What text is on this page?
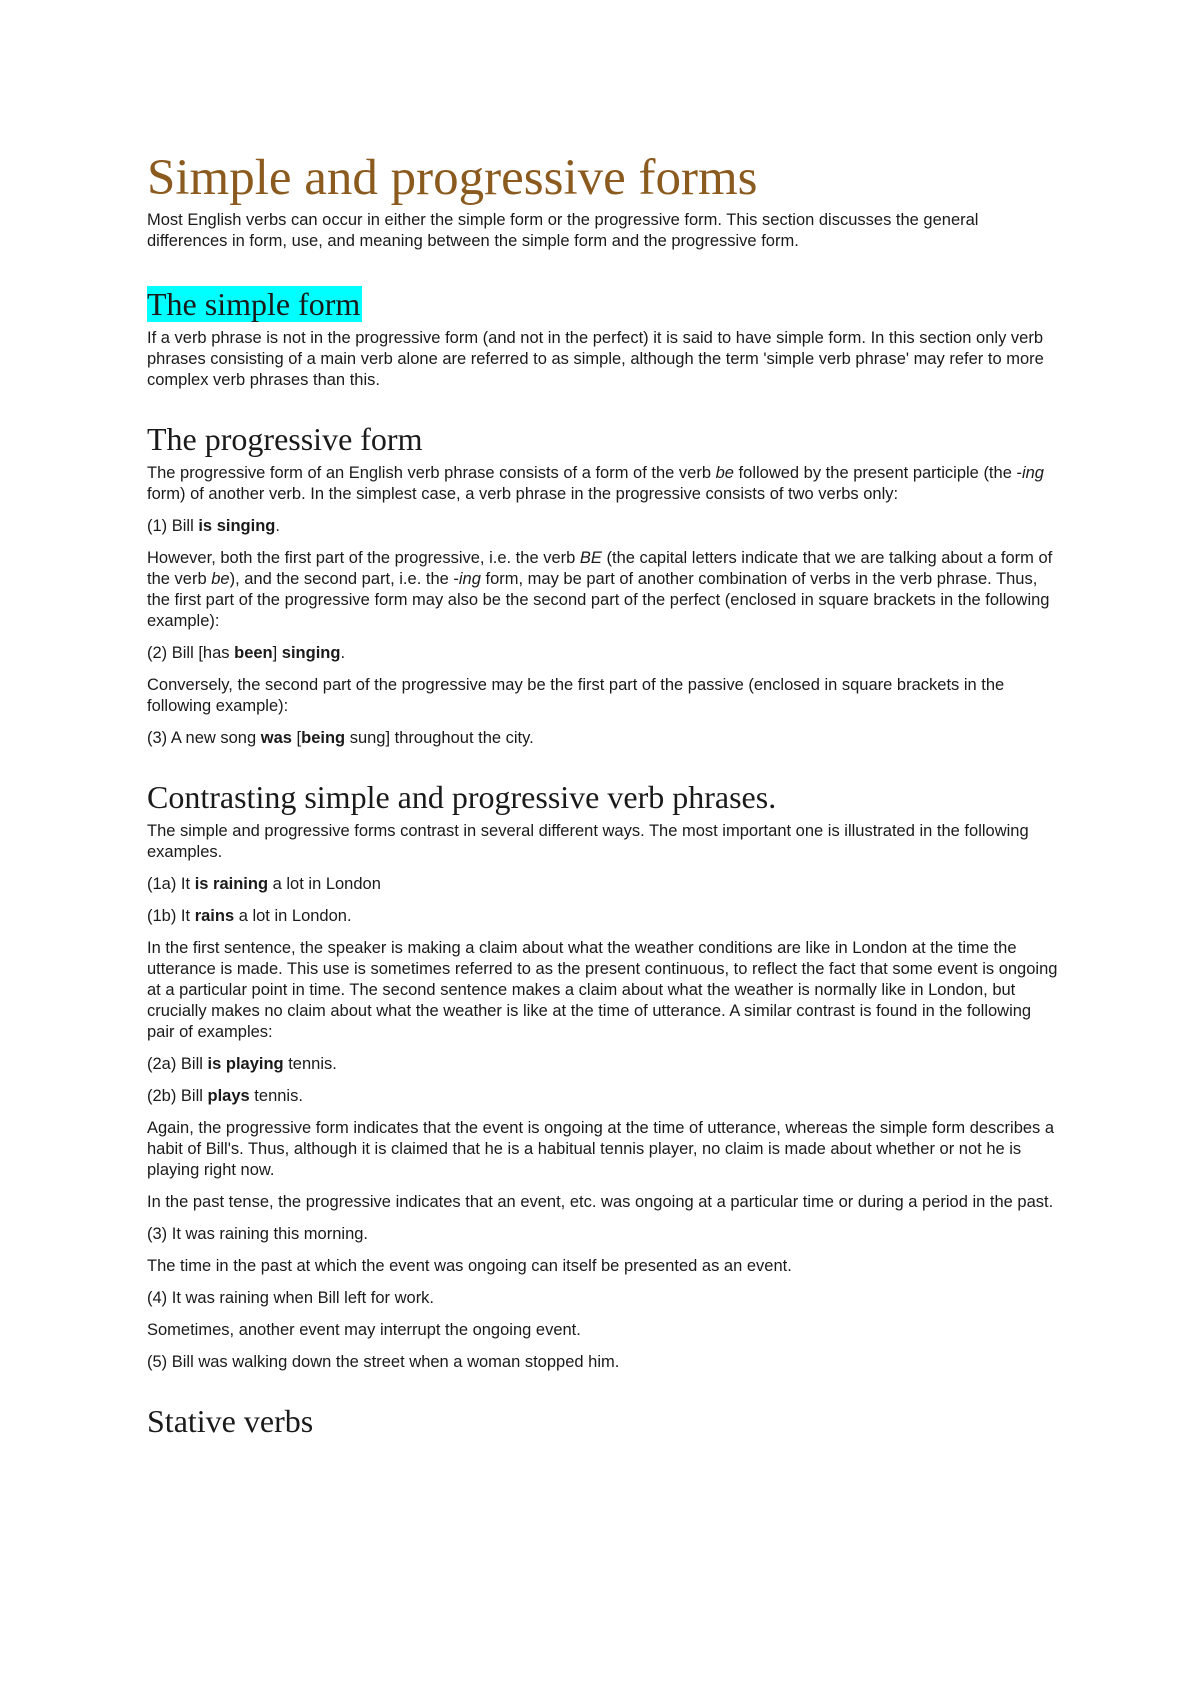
Simple and progressive forms

Most English verbs can occur in either the simple form or the progressive form. This section discusses the general differences in form, use, and meaning between the simple form and the progressive form.

The simple form

If a verb phrase is not in the progressive form (and not in the perfect) it is said to have simple form. In this section only verb phrases consisting of a main verb alone are referred to as simple, although the term 'simple verb phrase' may refer to more complex verb phrases than this.

The progressive form

The progressive form of an English verb phrase consists of a form of the verb be followed by the present participle (the -ing form) of another verb. In the simplest case, a verb phrase in the progressive consists of two verbs only:

(1) Bill is singing.

However, both the first part of the progressive, i.e. the verb BE (the capital letters indicate that we are talking about a form of the verb be), and the second part, i.e. the -ing form, may be part of another combination of verbs in the verb phrase. Thus, the first part of the progressive form may also be the second part of the perfect (enclosed in square brackets in the following example):

(2) Bill [has been] singing.

Conversely, the second part of the progressive may be the first part of the passive (enclosed in square brackets in the following example):

(3) A new song was [being sung] throughout the city.

Contrasting simple and progressive verb phrases.

The simple and progressive forms contrast in several different ways. The most important one is illustrated in the following examples.

(1a) It is raining a lot in London

(1b) It rains a lot in London.

In the first sentence, the speaker is making a claim about what the weather conditions are like in London at the time the utterance is made. This use is sometimes referred to as the present continuous, to reflect the fact that some event is ongoing at a particular point in time. The second sentence makes a claim about what the weather is normally like in London, but crucially makes no claim about what the weather is like at the time of utterance. A similar contrast is found in the following pair of examples:

(2a) Bill is playing tennis.

(2b) Bill plays tennis.

Again, the progressive form indicates that the event is ongoing at the time of utterance, whereas the simple form describes a habit of Bill's. Thus, although it is claimed that he is a habitual tennis player, no claim is made about whether or not he is playing right now.

In the past tense, the progressive indicates that an event, etc. was ongoing at a particular time or during a period in the past.

(3) It was raining this morning.

The time in the past at which the event was ongoing can itself be presented as an event.

(4) It was raining when Bill left for work.

Sometimes, another event may interrupt the ongoing event.

(5) Bill was walking down the street when a woman stopped him.

Stative verbs
